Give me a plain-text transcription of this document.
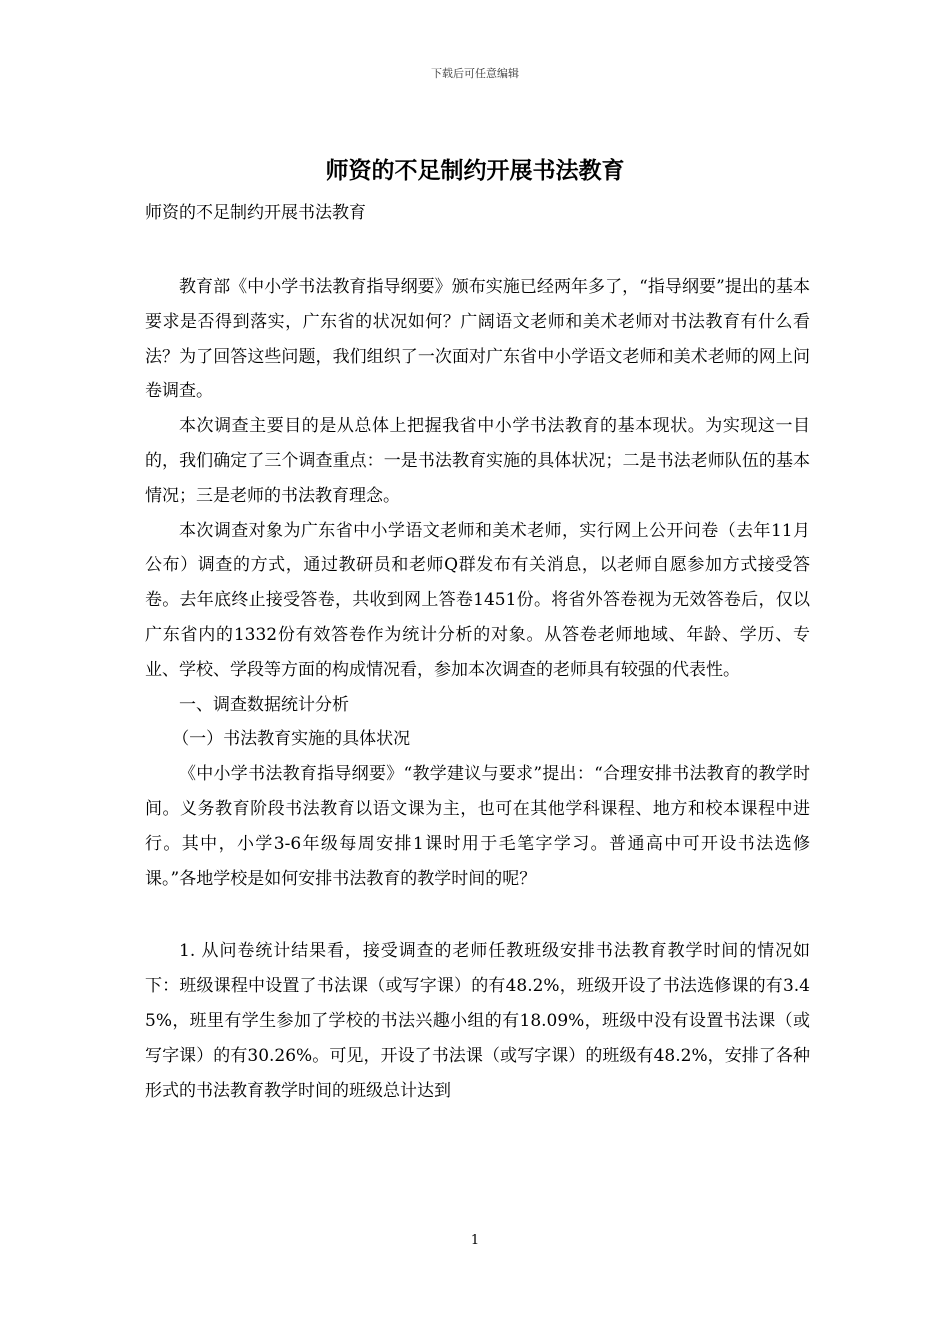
下载后可任意编辑
师资的不足制约开展书法教育

师资的不足制约开展书法教育

教育部《中小学书法教育指导纲要》颁布实施已经两年多了，“指导纲要”提出的基本要求是否得到落实，广东省的状况如何？广阔语文老师和美术老师对书法教育有什么看法？为了回答这些问题，我们组织了一次面对广东省中小学语文老师和美术老师的网上问卷调查。

本次调查主要目的是从总体上把握我省中小学书法教育的基本现状。为实现这一目的，我们确定了三个调查重点：一是书法教育实施的具体状况；二是书法老师队伍的基本情况；三是老师的书法教育理念。

本次调查对象为广东省中小学语文老师和美术老师，实行网上公开问卷（去年11月公布）调查的方式，通过教研员和老师Q群发布有关消息，以老师自愿参加方式接受答卷。去年底终止接受答卷，共收到网上答卷1451份。将省外答卷视为无效答卷后，仅以广东省内的1332份有效答卷作为统计分析的对象。从答卷老师地域、年龄、学历、专业、学校、学段等方面的构成情况看，参加本次调查的老师具有较强的代表性。

一、调查数据统计分析

（一）书法教育实施的具体状况

《中小学书法教育指导纲要》“教学建议与要求”提出：“合理安排书法教育的教学时间。义务教育阶段书法教育以语文课为主，也可在其他学科课程、地方和校本课程中进行。其中，小学3-6年级每周安排1课时用于毛笔字学习。普通高中可开设书法选修课。”各地学校是如何安排书法教育的教学时间的呢？

1. 从问卷统计结果看，接受调查的老师任教班级安排书法教育教学时间的情况如下：班级课程中设置了书法课（或写字课）的有48.2%，班级开设了书法选修课的有3.45%，班里有学生参加了学校的书法兴趣小组的有18.09%，班级中没有设置书法课（或写字课）的有30.26%。可见，开设了书法课（或写字课）的班级有48.2%，安排了各种形式的书法教育教学时间的班级总计达到

1
